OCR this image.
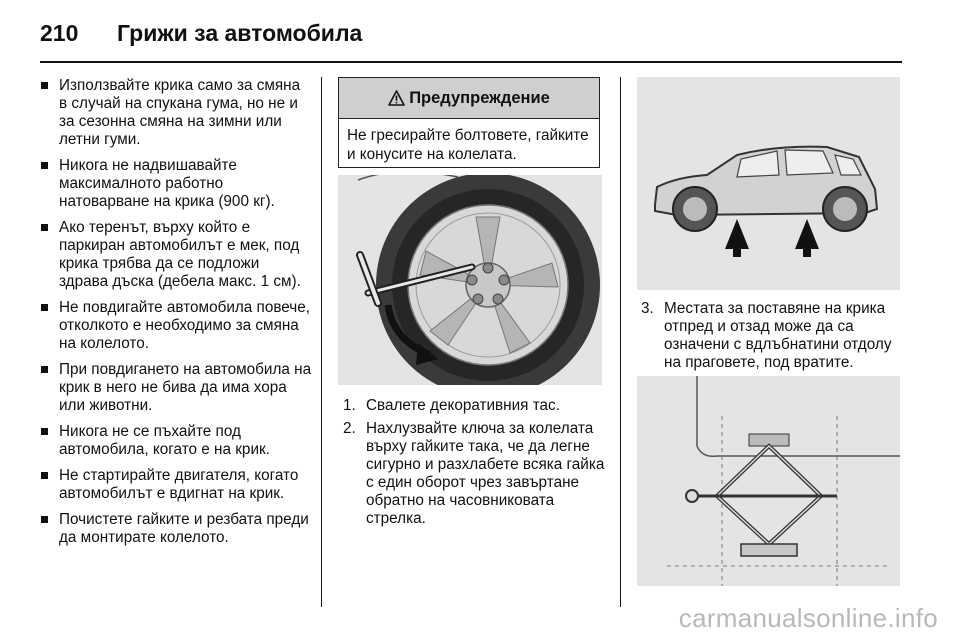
210 Грижи за автомобила
Използвайте крика само за смяна в случай на спукана гума, но не и за сезонна смяна на зимни или летни гуми.
Никога не надвишавайте максималното работно натоварване на крика (900 кг).
Ако теренът, върху който е паркиран автомобилът е мек, под крика трябва да се подложи здрава дъска (дебела макс. 1 см).
Не повдигайте автомобила повече, отколкото е необходимо за смяна на колелото.
При повдигането на автомобила на крик в него не бива да има хора или животни.
Никога не се пъхайте под автомобила, когато е на крик.
Не стартирайте двигателя, когато автомобилът е вдигнат на крик.
Почистете гайките и резбата преди да монтирате колелото.
Предупреждение
Не гресирайте болтовете, гайките и конусите на колелата.
1. Свалете декоративния тас.
2. Нахлузвайте ключа за колелата върху гайките така, че да легне сигурно и разхлабете всяка гайка с един оборот чрез завъртане обратно на часовниковата стрелка.
3. Местата за поставяне на крика отпред и отзад може да са означени с вдлъбнатини отдолу на праговете, под вратите.
carmanualsonline.info
